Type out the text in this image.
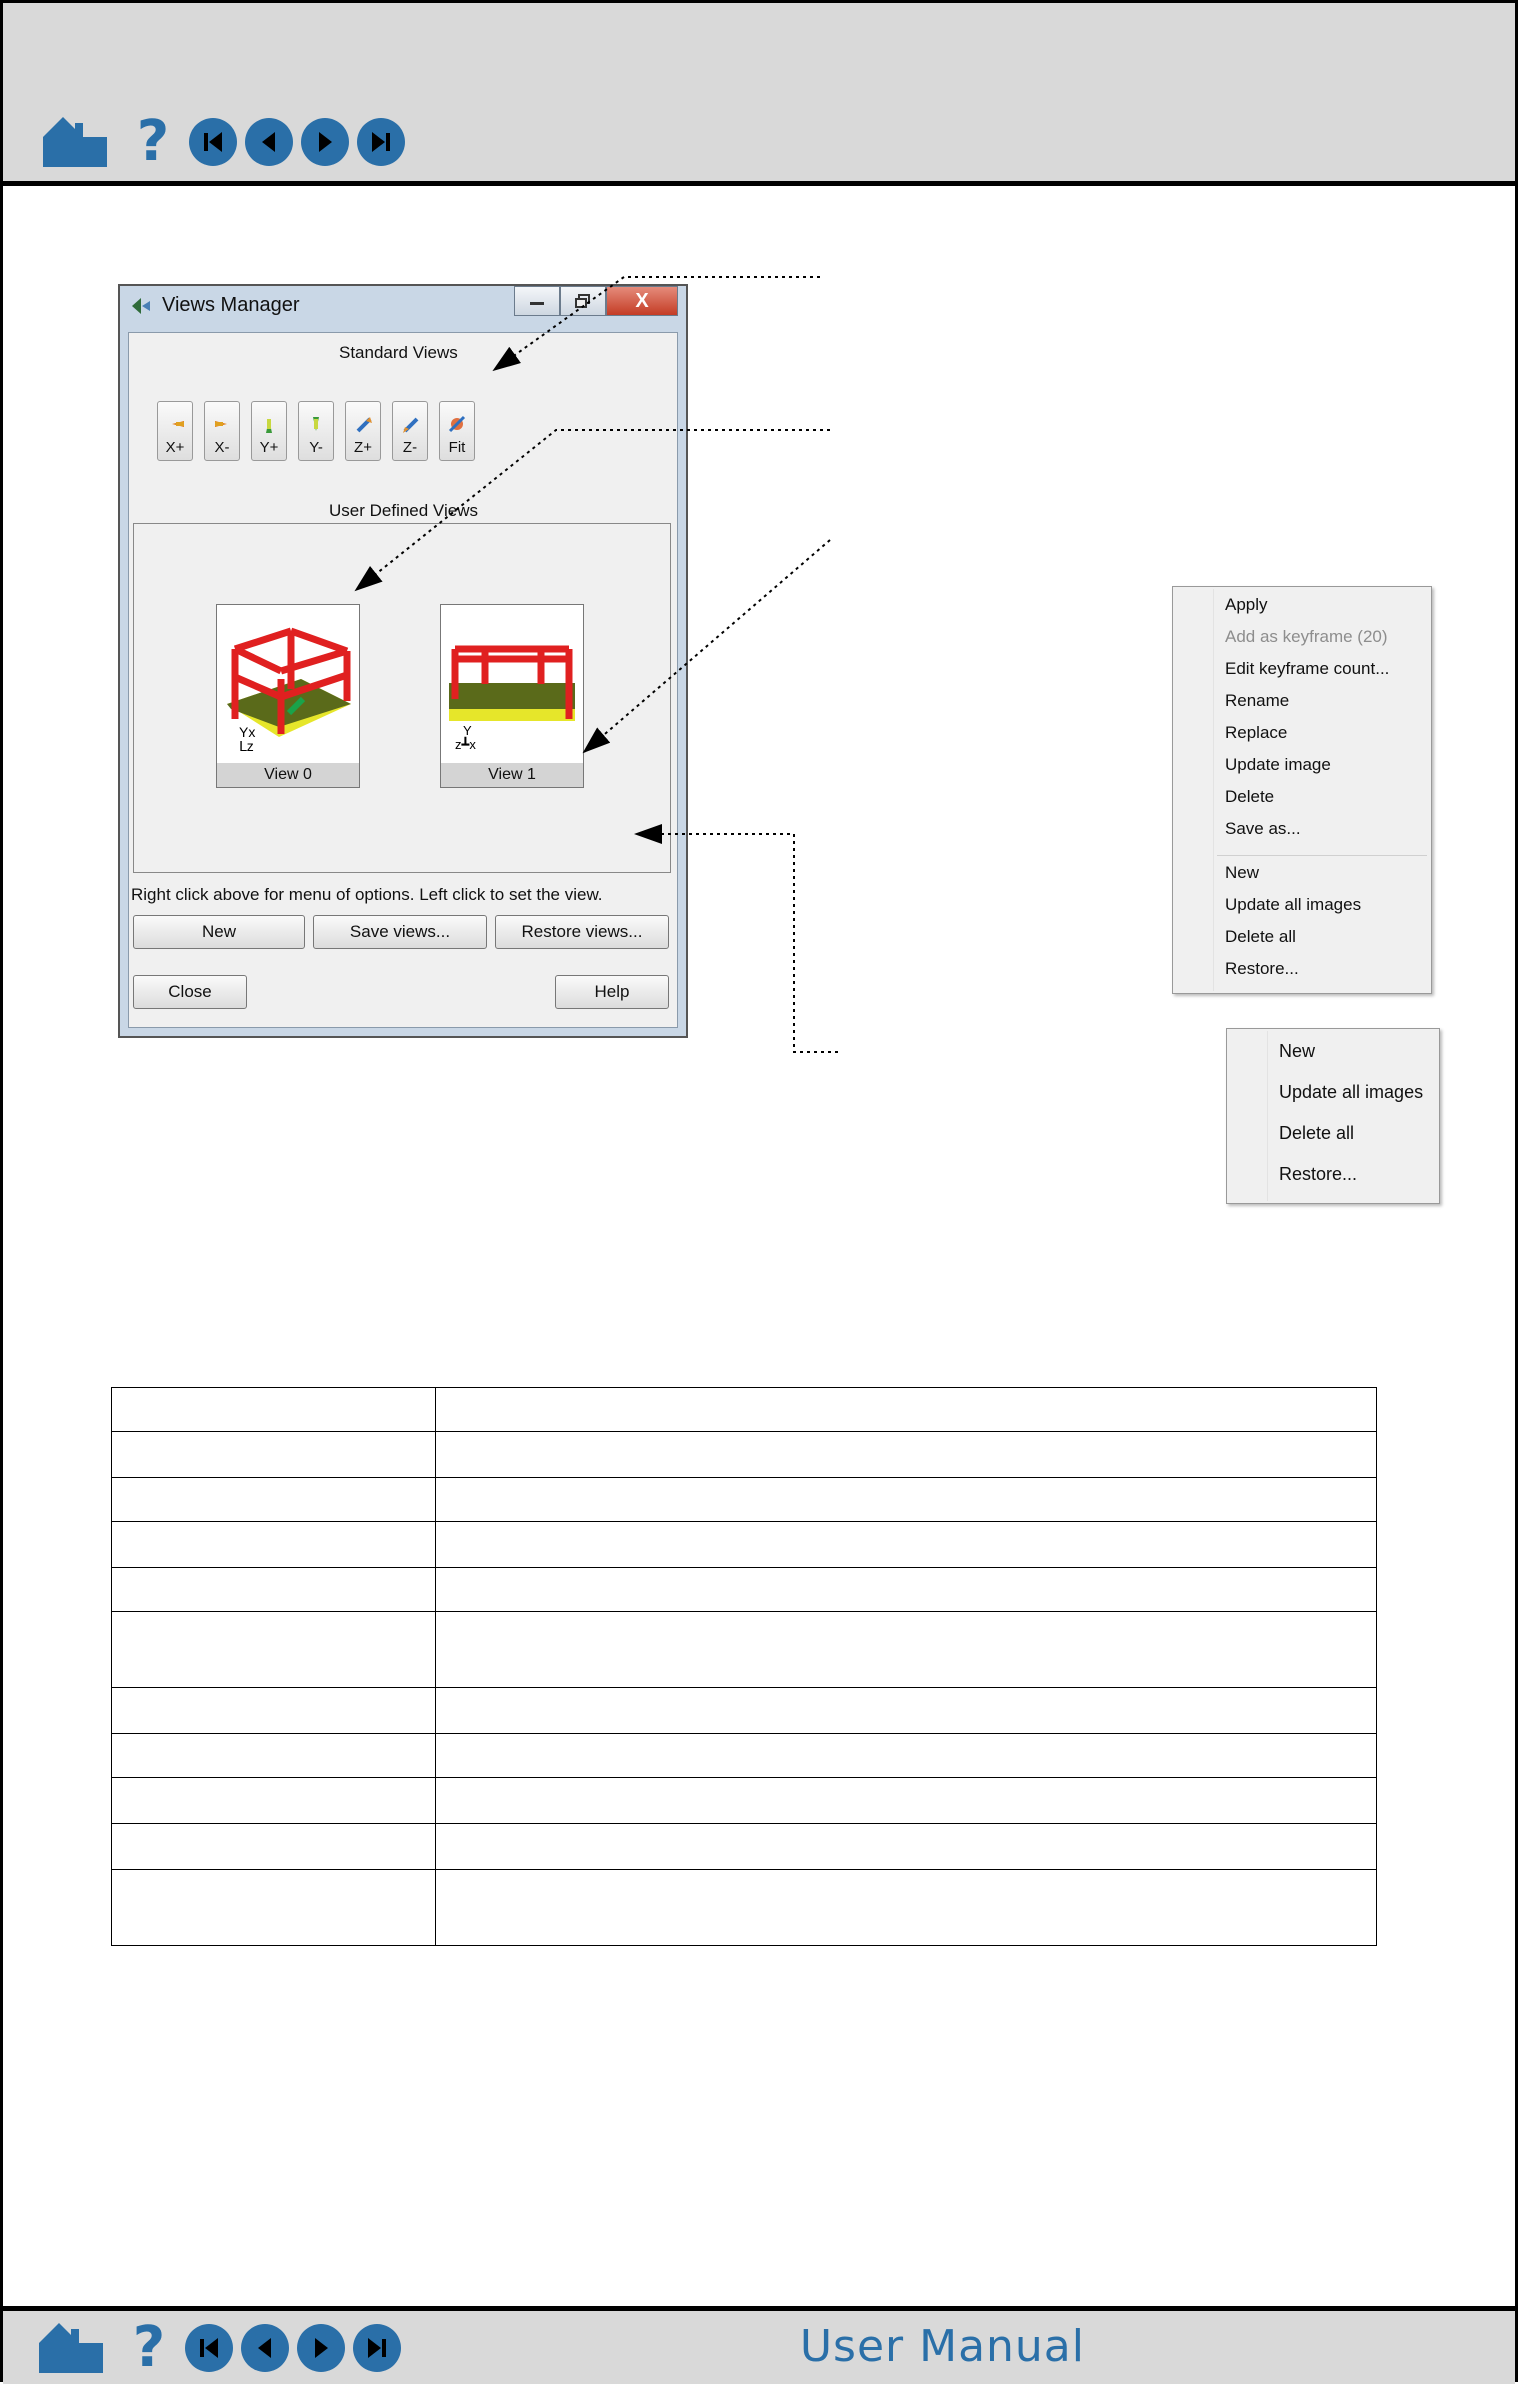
?
Views Manager	X
Standard Views
X+ X- Y+ Y- Z+ Z- Fit
User Defined Views
Yx
ᒪz
View 0
Y
z┻x
View 1
Right click above for menu of options. Left click to set the view.
New	Save views...	Restore views...
Close	Help
Apply
Add as keyframe (20)
Edit keyframe count...
Rename
Replace
Update image
Delete
Save as...
New
Update all images
Delete all
Restore...
New
Update all images
Delete all
Restore...

?	User Manual
